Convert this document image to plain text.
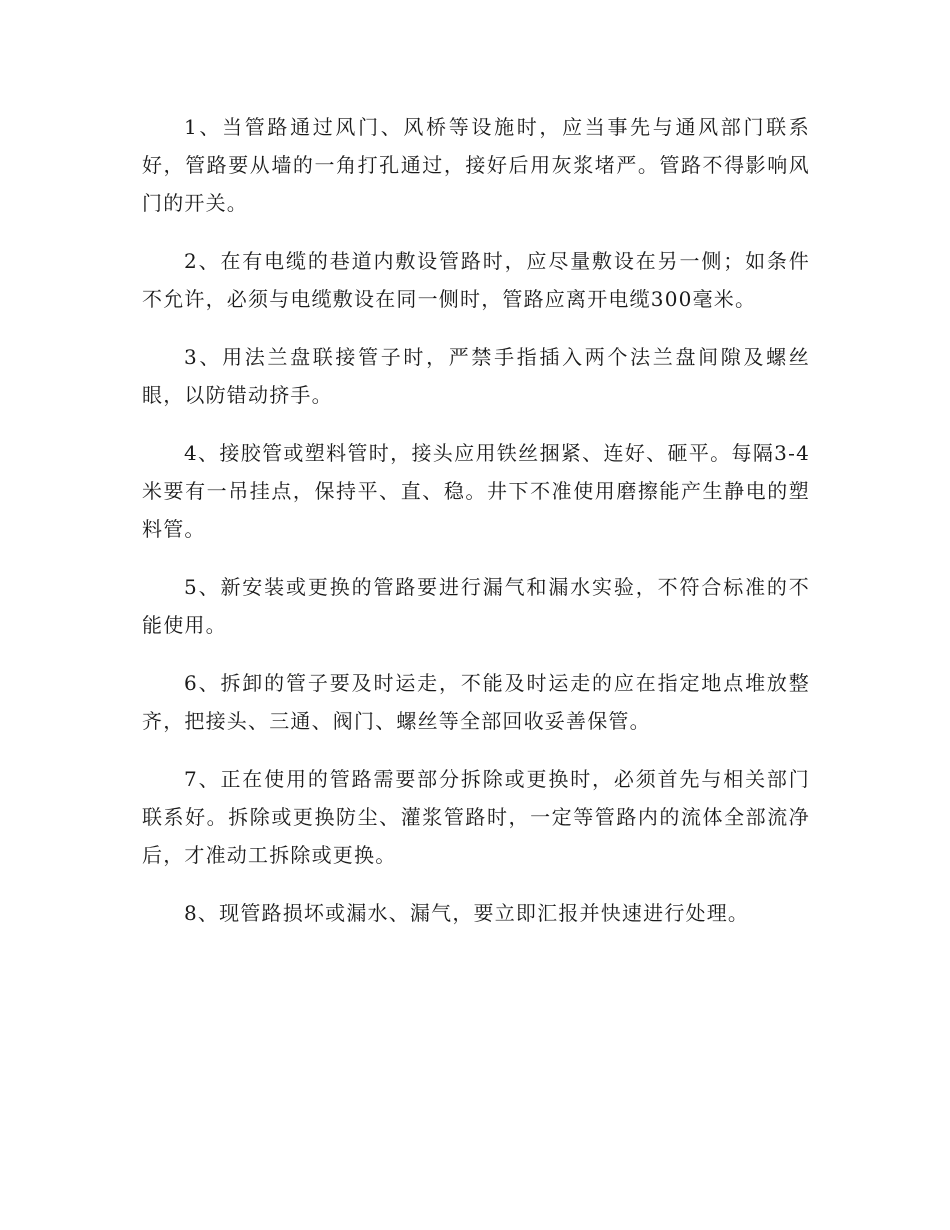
1、当管路通过风门、风桥等设施时，应当事先与通风部门联系好，管路要从墙的一角打孔通过，接好后用灰浆堵严。管路不得影响风门的开关。

2、在有电缆的巷道内敷设管路时，应尽量敷设在另一侧；如条件不允许，必须与电缆敷设在同一侧时，管路应离开电缆300毫米。

3、用法兰盘联接管子时，严禁手指插入两个法兰盘间隙及螺丝眼，以防错动挤手。

4、接胶管或塑料管时，接头应用铁丝捆紧、连好、砸平。每隔3-4米要有一吊挂点，保持平、直、稳。井下不准使用磨擦能产生静电的塑料管。

5、新安装或更换的管路要进行漏气和漏水实验，不符合标准的不能使用。

6、拆卸的管子要及时运走，不能及时运走的应在指定地点堆放整齐，把接头、三通、阀门、螺丝等全部回收妥善保管。

7、正在使用的管路需要部分拆除或更换时，必须首先与相关部门联系好。拆除或更换防尘、灌浆管路时，一定等管路内的流体全部流净后，才准动工拆除或更换。

8、现管路损坏或漏水、漏气，要立即汇报并快速进行处理。
